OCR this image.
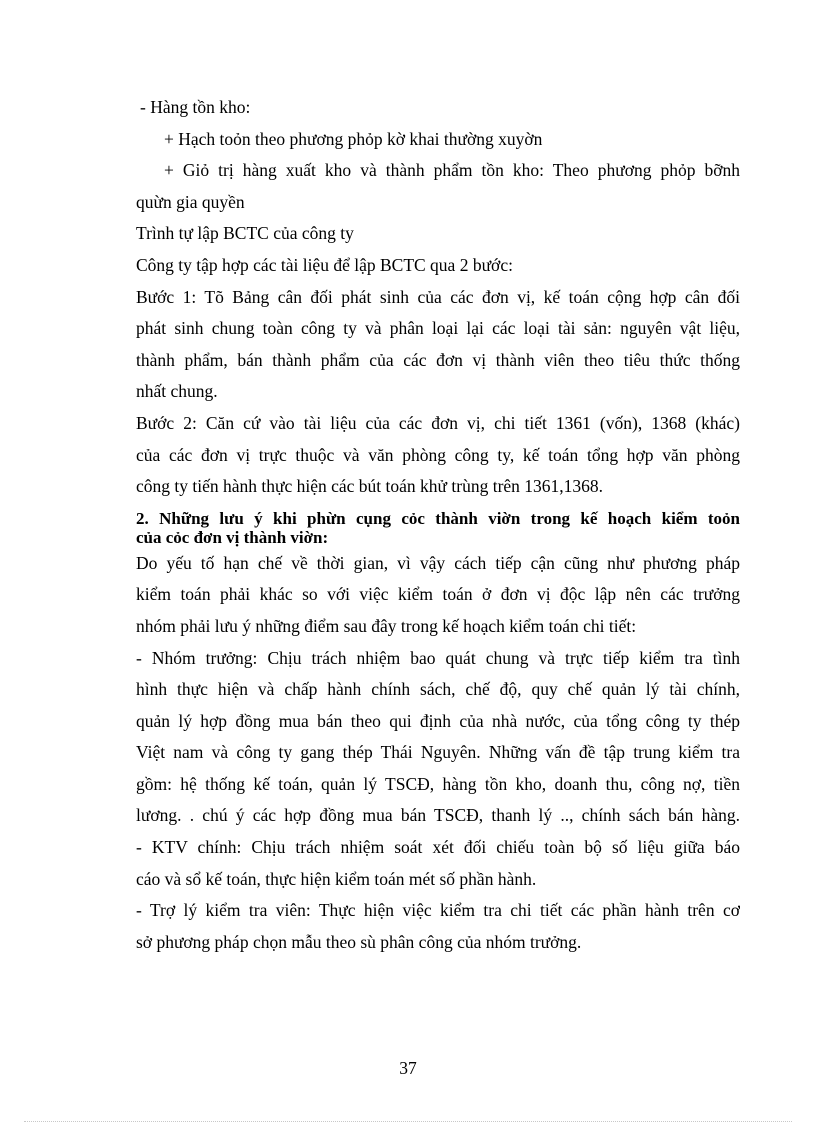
- Hàng tồn kho:
+ Hạch toỏn theo phương phỏp kờ khai thường xuyờn
+ Giỏ trị hàng xuất kho và thành phẩm tồn kho: Theo phương phỏp bỡnh
quừn gia quyền
Trình tự lập BCTC của công ty
Công ty tập hợp các tài liệu để lập BCTC qua 2 bước:
Bước 1: Tõ Bảng cân đối phát sinh của các đơn vị, kế toán cộng hợp cân đối
phát sinh chung toàn công ty và phân loại lại các loại tài sản: nguyên vật liệu,
thành phẩm, bán thành phẩm của các đơn vị thành viên theo tiêu thức thống
nhất chung.
Bước 2: Căn cứ vào tài liệu của các đơn vị, chi tiết 1361 (vốn), 1368 (khác)
của các đơn vị trực thuộc và văn phòng công ty, kế toán tổng hợp văn phòng
công ty tiến hành thực hiện các bút toán khử trùng trên 1361,1368.
2. Những lưu ý khi phừn cụng cỏc thành viờn trong kế hoạch kiểm toỏn
của cỏc đơn vị thành viờn:
Do yếu tố hạn chế về thời gian, vì vậy cách tiếp cận cũng như phương pháp
kiểm toán phải khác so với việc kiểm toán ở đơn vị độc lập nên các trưởng
nhóm phải lưu ý những điểm sau đây trong kế hoạch kiểm toán chi tiết:
- Nhóm trưởng: Chịu trách nhiệm bao quát chung và trực tiếp kiểm tra tình
hình thực hiện và chấp hành chính sách, chế độ, quy chế quản lý tài chính,
quản lý hợp đồng mua bán theo qui định của nhà nước, của tổng công ty thép
Việt nam và công ty gang thép Thái Nguyên. Những vấn đề tập trung kiểm tra
gồm: hệ thống kế toán, quản lý TSCĐ, hàng tồn kho, doanh thu, công nợ, tiền
lương. . chú ý các hợp đồng mua bán TSCĐ, thanh lý .., chính sách bán hàng.
- KTV chính: Chịu trách nhiệm soát xét đối chiếu toàn bộ số liệu giữa báo
cáo và sổ kế toán, thực hiện kiểm toán mét số phần hành.
- Trợ lý kiểm tra viên: Thực hiện việc kiểm tra chi tiết các phần hành trên cơ
sở phương pháp chọn mẫu theo sù phân công của nhóm trưởng.
37
